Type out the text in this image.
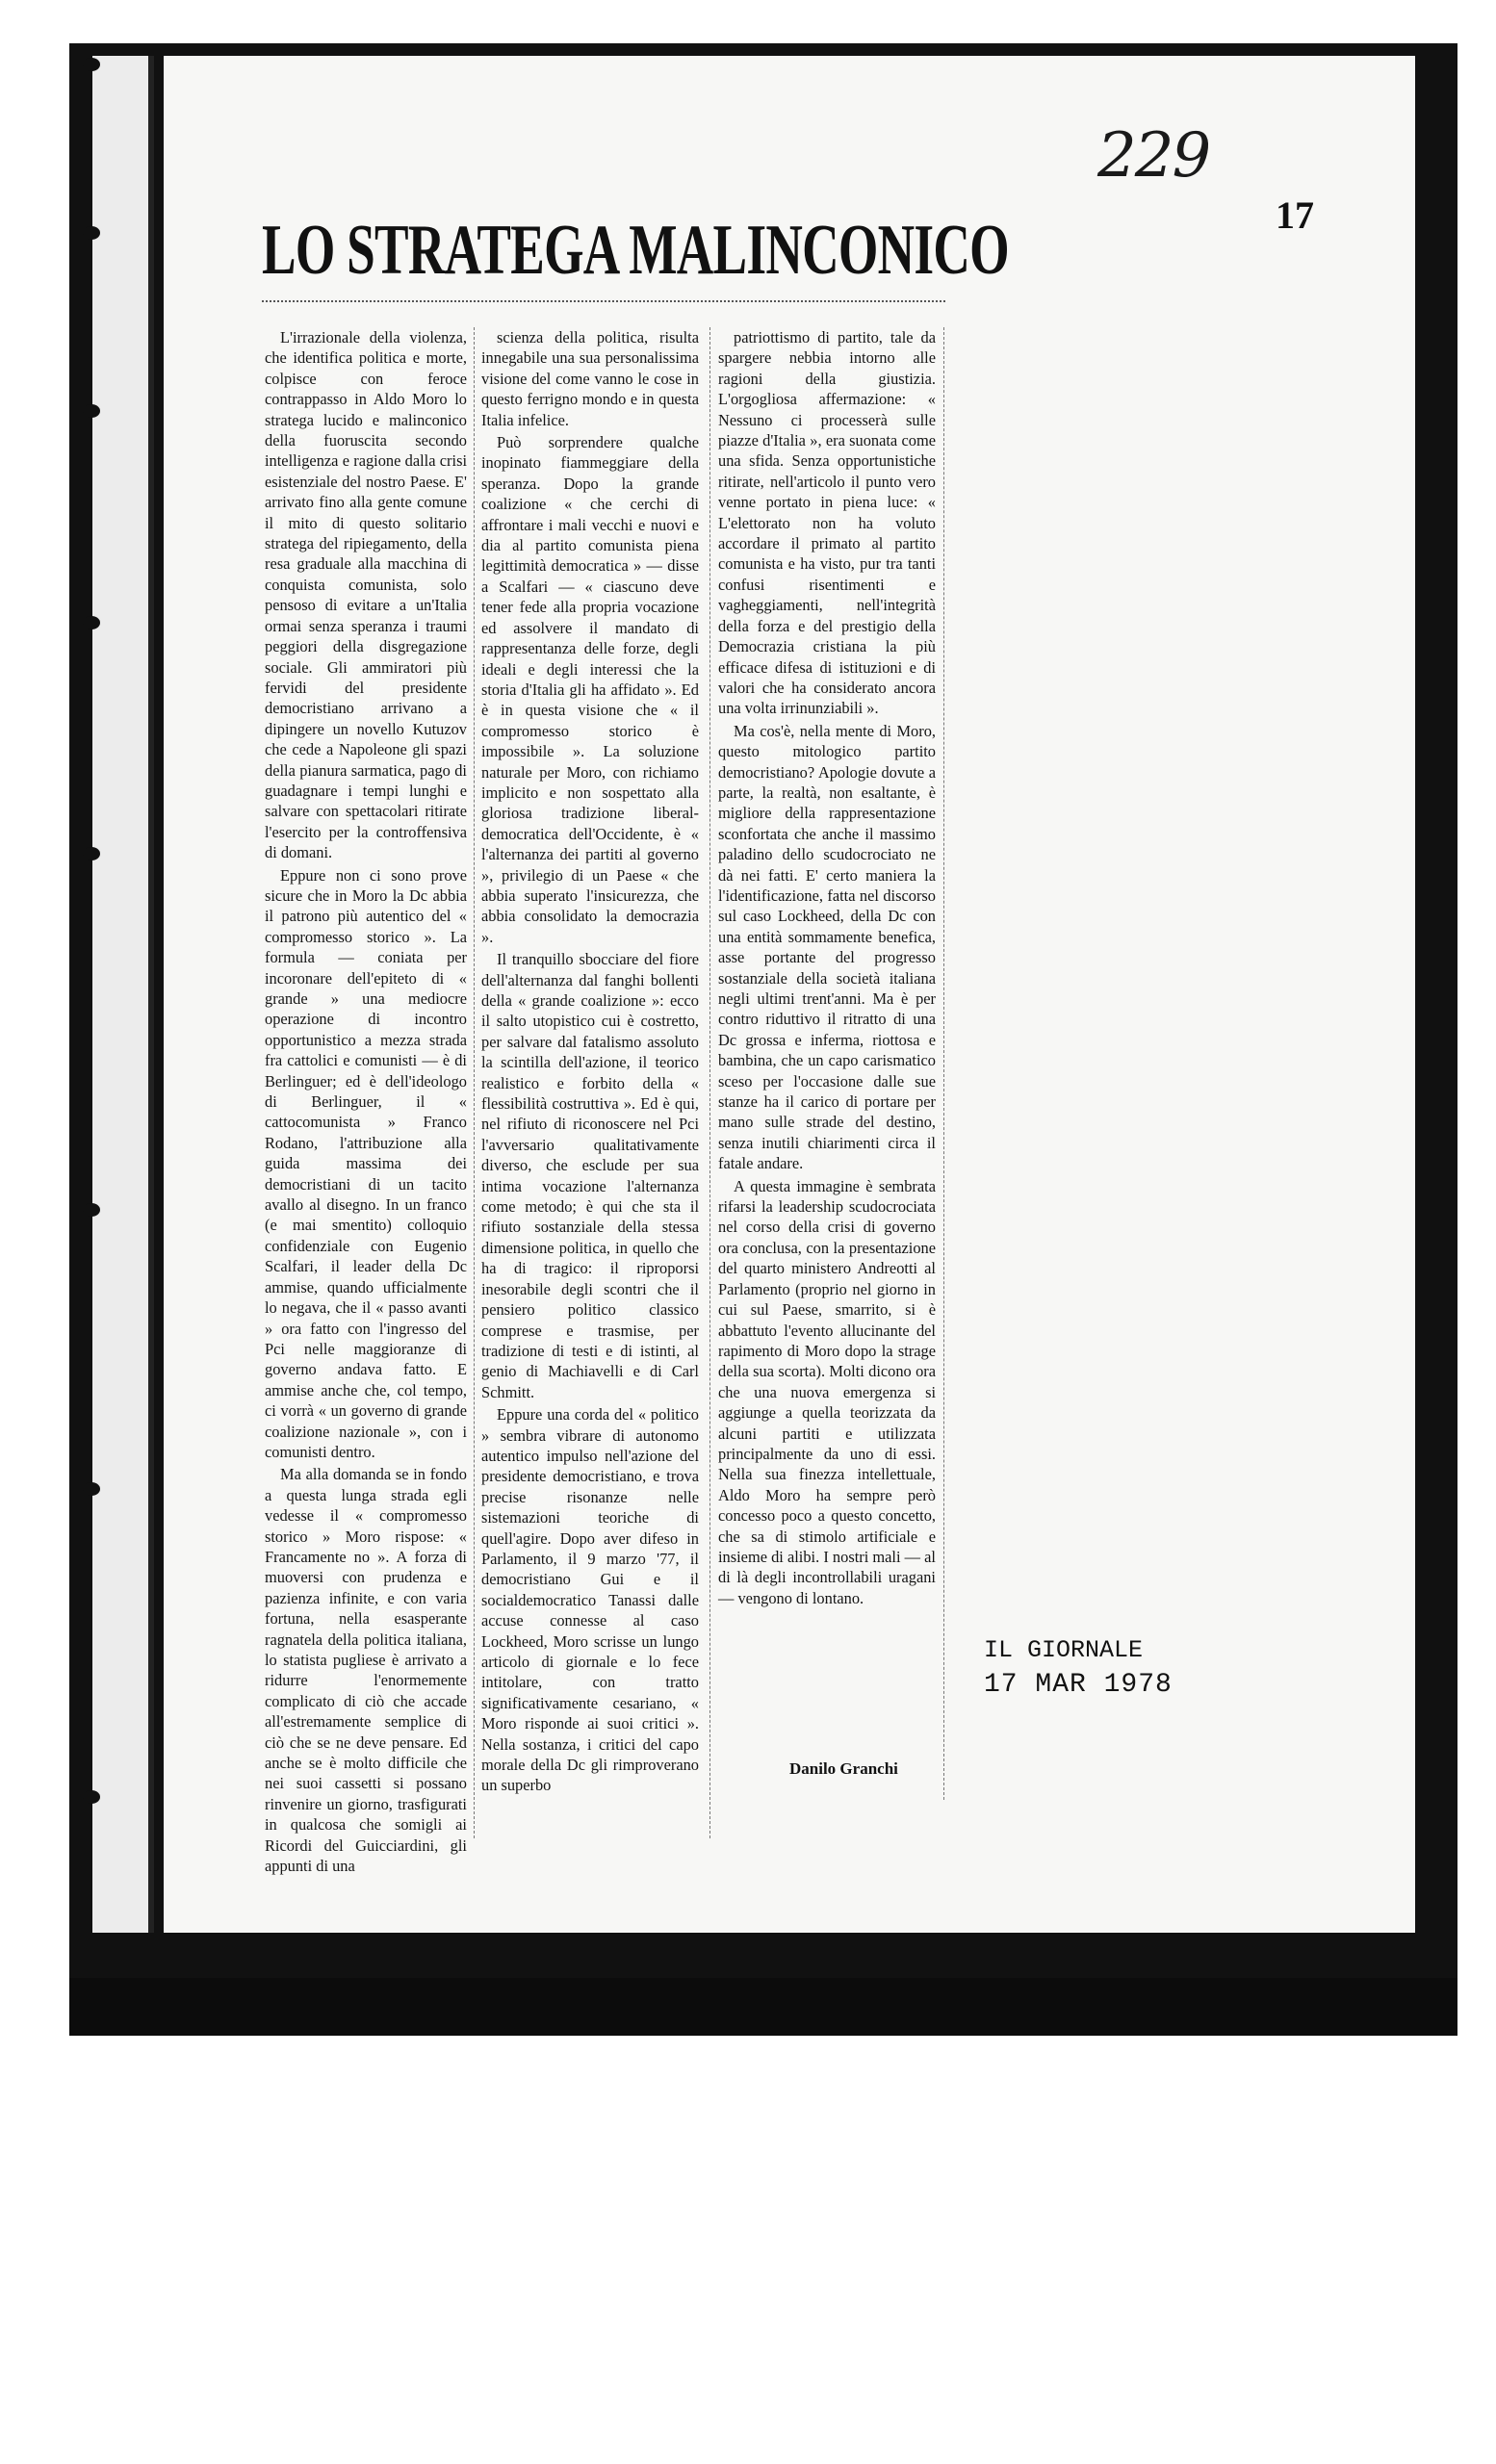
229
17
LO STRATEGA MALINCONICO

L'irrazionale della violenza, che identifica politica e morte, colpisce con feroce contrappasso in Aldo Moro lo stratega lucido e malinconico della fuoruscita secondo intelligenza e ragione dalla crisi esistenziale del nostro Paese. E' arrivato fino alla gente comune il mito di questo solitario stratega del ripiegamento, della resa graduale alla macchina di conquista comunista, solo pensoso di evitare a un'Italia ormai senza speranza i traumi peggiori della disgregazione sociale. Gli ammiratori più fervidi del presidente democristiano arrivano a dipingere un novello Kutuzov che cede a Napoleone gli spazi della pianura sarmatica, pago di guadagnare i tempi lunghi e salvare con spettacolari ritirate l'esercito per la controffensiva di domani.

Eppure non ci sono prove sicure che in Moro la Dc abbia il patrono più autentico del « compromesso storico ». La formula — coniata per incoronare dell'epiteto di « grande » una mediocre operazione di incontro opportunistico a mezza strada fra cattolici e comunisti — è di Berlinguer; ed è dell'ideologo di Berlinguer, il « cattocomunista » Franco Rodano, l'attribuzione alla guida massima dei democristiani di un tacito avallo al disegno. In un franco (e mai smentito) colloquio confidenziale con Eugenio Scalfari, il leader della Dc ammise, quando ufficialmente lo negava, che il « passo avanti » ora fatto con l'ingresso del Pci nelle maggioranze di governo andava fatto. E ammise anche che, col tempo, ci vorrà « un governo di grande coalizione nazionale », con i comunisti dentro.

Ma alla domanda se in fondo a questa lunga strada egli vedesse il « compromesso storico » Moro rispose: « Francamente no ». A forza di muoversi con prudenza e pazienza infinite, e con varia fortuna, nella esasperante ragnatela della politica italiana, lo statista pugliese è arrivato a ridurre l'enormemente complicato di ciò che accade all'estremamente semplice di ciò che se ne deve pensare. Ed anche se è molto difficile che nei suoi cassetti si possano rinvenire un giorno, trasfigurati in qualcosa che somigli ai Ricordi del Guicciardini, gli appunti di una

scienza della politica, risulta innegabile una sua personalissima visione del come vanno le cose in questo ferrigno mondo e in questa Italia infelice.

Può sorprendere qualche inopinato fiammeggiare della speranza. Dopo la grande coalizione « che cerchi di affrontare i mali vecchi e nuovi e dia al partito comunista piena legittimità democratica » — disse a Scalfari — « ciascuno deve tener fede alla propria vocazione ed assolvere il mandato di rappresentanza delle forze, degli ideali e degli interessi che la storia d'Italia gli ha affidato ». Ed è in questa visione che « il compromesso storico è impossibile ». La soluzione naturale per Moro, con richiamo implicito e non sospettato alla gloriosa tradizione liberal-democratica dell'Occidente, è « l'alternanza dei partiti al governo », privilegio di un Paese « che abbia superato l'insicurezza, che abbia consolidato la democrazia ».

Il tranquillo sbocciare del fiore dell'alternanza dal fanghi bollenti della « grande coalizione »: ecco il salto utopistico cui è costretto, per salvare dal fatalismo assoluto la scintilla dell'azione, il teorico realistico e forbito della « flessibilità costruttiva ». Ed è qui, nel rifiuto di riconoscere nel Pci l'avversario qualitativamente diverso, che esclude per sua intima vocazione l'alternanza come metodo; è qui che sta il rifiuto sostanziale della stessa dimensione politica, in quello che ha di tragico: il riproporsi inesorabile degli scontri che il pensiero politico classico comprese e trasmise, per tradizione di testi e di istinti, al genio di Machiavelli e di Carl Schmitt.

Eppure una corda del « politico » sembra vibrare di autonomo autentico impulso nell'azione del presidente democristiano, e trova precise risonanze nelle sistemazioni teoriche di quell'agire. Dopo aver difeso in Parlamento, il 9 marzo '77, il democristiano Gui e il socialdemocratico Tanassi dalle accuse connesse al caso Lockheed, Moro scrisse un lungo articolo di giornale e lo fece intitolare, con tratto significativamente cesariano, « Moro risponde ai suoi critici ». Nella sostanza, i critici del capo morale della Dc gli rimproverano un superbo

patriottismo di partito, tale da spargere nebbia intorno alle ragioni della giustizia. L'orgogliosa affermazione: « Nessuno ci processerà sulle piazze d'Italia », era suonata come una sfida. Senza opportunistiche ritirate, nell'articolo il punto vero venne portato in piena luce: « L'elettorato non ha voluto accordare il primato al partito comunista e ha visto, pur tra tanti confusi risentimenti e vagheggiamenti, nell'integrità della forza e del prestigio della Democrazia cristiana la più efficace difesa di istituzioni e di valori che ha considerato ancora una volta irrinunziabili ».

Ma cos'è, nella mente di Moro, questo mitologico partito democristiano? Apologie dovute a parte, la realtà, non esaltante, è migliore della rappresentazione sconfortata che anche il massimo paladino dello scudocrociato ne dà nei fatti. E' certo maniera la l'identificazione, fatta nel discorso sul caso Lockheed, della Dc con una entità sommamente benefica, asse portante del progresso sostanziale della società italiana negli ultimi trent'anni. Ma è per contro riduttivo il ritratto di una Dc grossa e inferma, riottosa e bambina, che un capo carismatico sceso per l'occasione dalle sue stanze ha il carico di portare per mano sulle strade del destino, senza inutili chiarimenti circa il fatale andare.

A questa immagine è sembrata rifarsi la leadership scudocrociata nel corso della crisi di governo ora conclusa, con la presentazione del quarto ministero Andreotti al Parlamento (proprio nel giorno in cui sul Paese, smarrito, si è abbattuto l'evento allucinante del rapimento di Moro dopo la strage della sua scorta). Molti dicono ora che una nuova emergenza si aggiunge a quella teorizzata da alcuni partiti e utilizzata principalmente da uno di essi. Nella sua finezza intellettuale, Aldo Moro ha sempre però concesso poco a questo concetto, che sa di stimolo artificiale e insieme di alibi. I nostri mali — al di là degli incontrollabili uragani — vengono di lontano.

Danilo Granchi
IL GIORNALE
17 MAR 1978
